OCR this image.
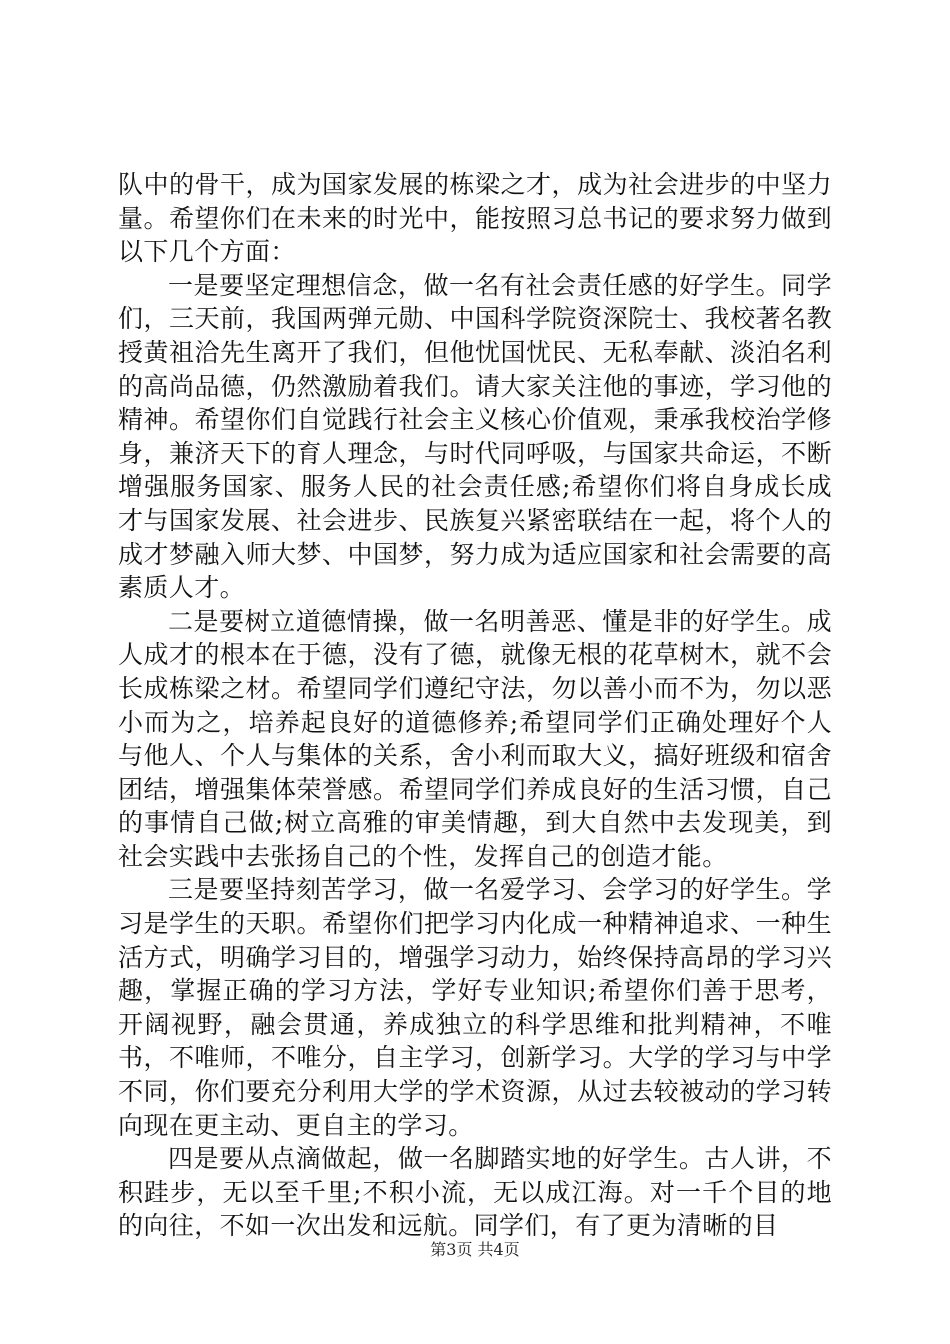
队中的骨干，成为国家发展的栋梁之才，成为社会进步的中坚力量。希望你们在未来的时光中，能按照习总书记的要求努力做到以下几个方面：

一是要坚定理想信念，做一名有社会责任感的好学生。同学们，三天前，我国两弹元勋、中国科学院资深院士、我校著名教授黄祖洽先生离开了我们，但他忧国忧民、无私奉献、淡泊名利的高尚品德，仍然激励着我们。请大家关注他的事迹，学习他的精神。希望你们自觉践行社会主义核心价值观，秉承我校治学修身，兼济天下的育人理念，与时代同呼吸，与国家共命运，不断增强服务国家、服务人民的社会责任感;希望你们将自身成长成才与国家发展、社会进步、民族复兴紧密联结在一起，将个人的成才梦融入师大梦、中国梦，努力成为适应国家和社会需要的高素质人才。

二是要树立道德情操，做一名明善恶、懂是非的好学生。成人成才的根本在于德，没有了德，就像无根的花草树木，就不会长成栋梁之材。希望同学们遵纪守法，勿以善小而不为，勿以恶小而为之，培养起良好的道德修养;希望同学们正确处理好个人与他人、个人与集体的关系，舍小利而取大义，搞好班级和宿舍团结，增强集体荣誉感。希望同学们养成良好的生活习惯，自己的事情自己做;树立高雅的审美情趣，到大自然中去发现美，到社会实践中去张扬自己的个性，发挥自己的创造才能。

三是要坚持刻苦学习，做一名爱学习、会学习的好学生。学习是学生的天职。希望你们把学习内化成一种精神追求、一种生活方式，明确学习目的，增强学习动力，始终保持高昂的学习兴趣，掌握正确的学习方法，学好专业知识;希望你们善于思考，开阔视野，融会贯通，养成独立的科学思维和批判精神，不唯书，不唯师，不唯分，自主学习，创新学习。大学的学习与中学不同，你们要充分利用大学的学术资源，从过去较被动的学习转向现在更主动、更自主的学习。

四是要从点滴做起，做一名脚踏实地的好学生。古人讲，不积跬步，无以至千里;不积小流，无以成江海。对一千个目的地的向往，不如一次出发和远航。同学们，有了更为清晰的目

第3页 共4页
